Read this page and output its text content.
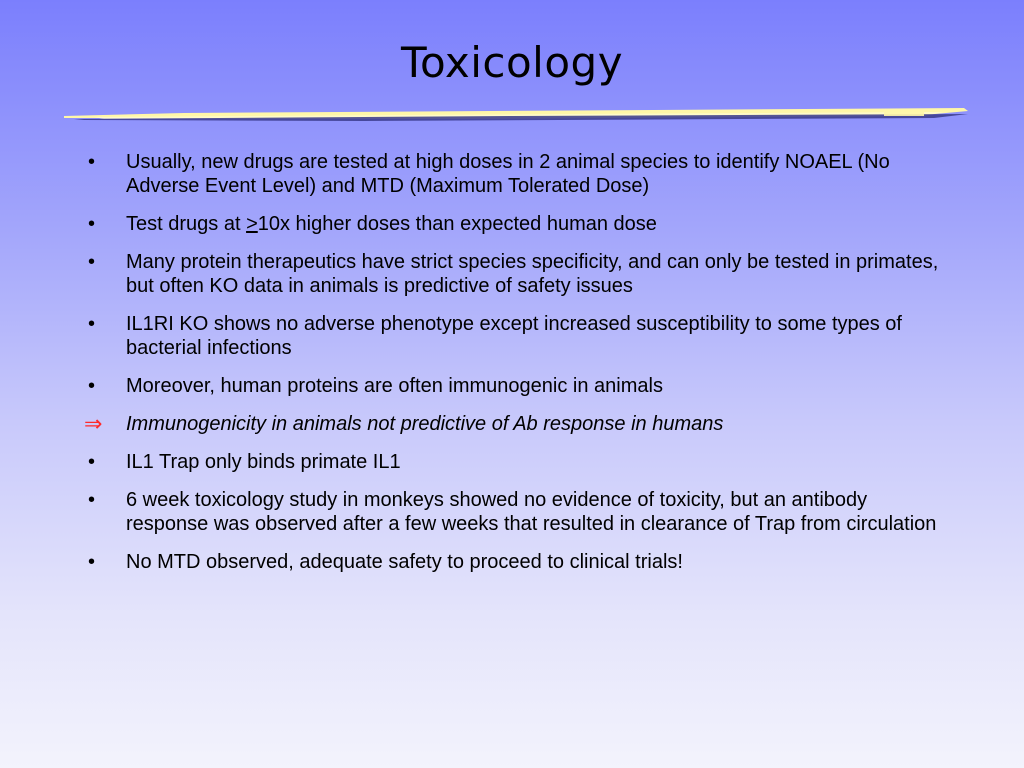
Toxicology
•	Usually, new drugs are tested at high doses in 2 animal species to identify NOAEL (No Adverse Event Level) and MTD (Maximum Tolerated Dose)
•	Test drugs at ≥10x higher doses than expected human dose
•	Many protein therapeutics have strict species specificity, and can only be tested in primates, but often KO data in animals is predictive of safety issues
•	IL1RI KO shows no adverse phenotype except increased susceptibility to some types of bacterial infections
•	Moreover, human proteins are often immunogenic in animals
⇒ Immunogenicity in animals not predictive of Ab response in humans
•	IL1 Trap only binds primate IL1
•	6 week toxicology study in monkeys showed no evidence of toxicity, but an antibody response was observed after a few weeks that resulted in clearance of Trap from circulation
•	No MTD observed, adequate safety to proceed to clinical trials!
